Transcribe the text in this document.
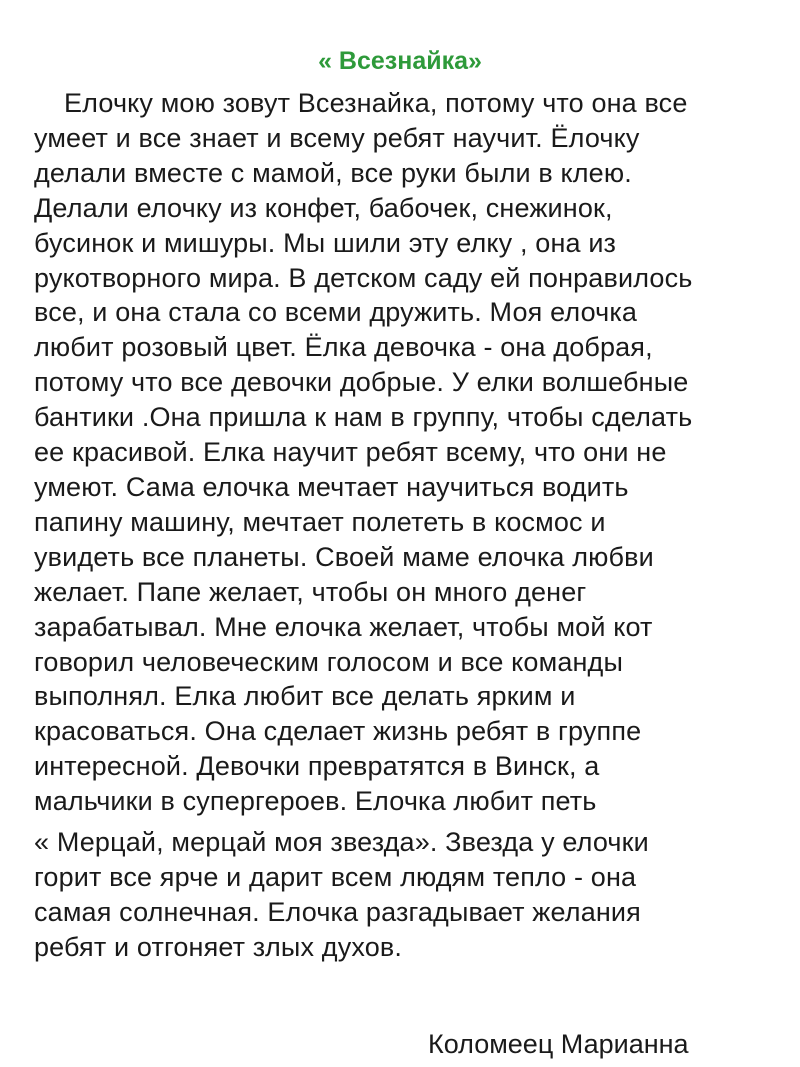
« Всезнайка»
Елочку мою зовут Всезнайка, потому что она все
умеет и все знает и всему ребят научит. Ёлочку
делали вместе с мамой, все руки были в клею.
Делали елочку из конфет, бабочек, снежинок,
бусинок и мишуры. Мы шили эту елку , она из
рукотворного мира. В детском саду ей понравилось
все, и она стала со всеми дружить. Моя елочка
любит розовый цвет. Ёлка девочка - она добрая,
потому что все девочки добрые. У елки волшебные
бантики .Она пришла к нам в группу, чтобы сделать
ее красивой. Елка научит ребят всему, что они не
умеют. Сама елочка мечтает научиться водить
папину машину, мечтает полететь в космос и
увидеть все планеты. Своей маме елочка любви
желает. Папе желает, чтобы он много денег
зарабатывал. Мне елочка желает, чтобы мой кот
говорил человеческим голосом и все команды
выполнял. Елка любит все делать ярким и
красоваться. Она сделает жизнь ребят в группе
интересной. Девочки превратятся в Винск, а
мальчики в супергероев. Елочка любит петь
« Мерцай, мерцай моя звезда». Звезда у елочки
горит все ярче и дарит всем людям тепло - она
самая солнечная. Елочка разгадывает желания
ребят и отгоняет злых духов.
Коломеец Марианна
